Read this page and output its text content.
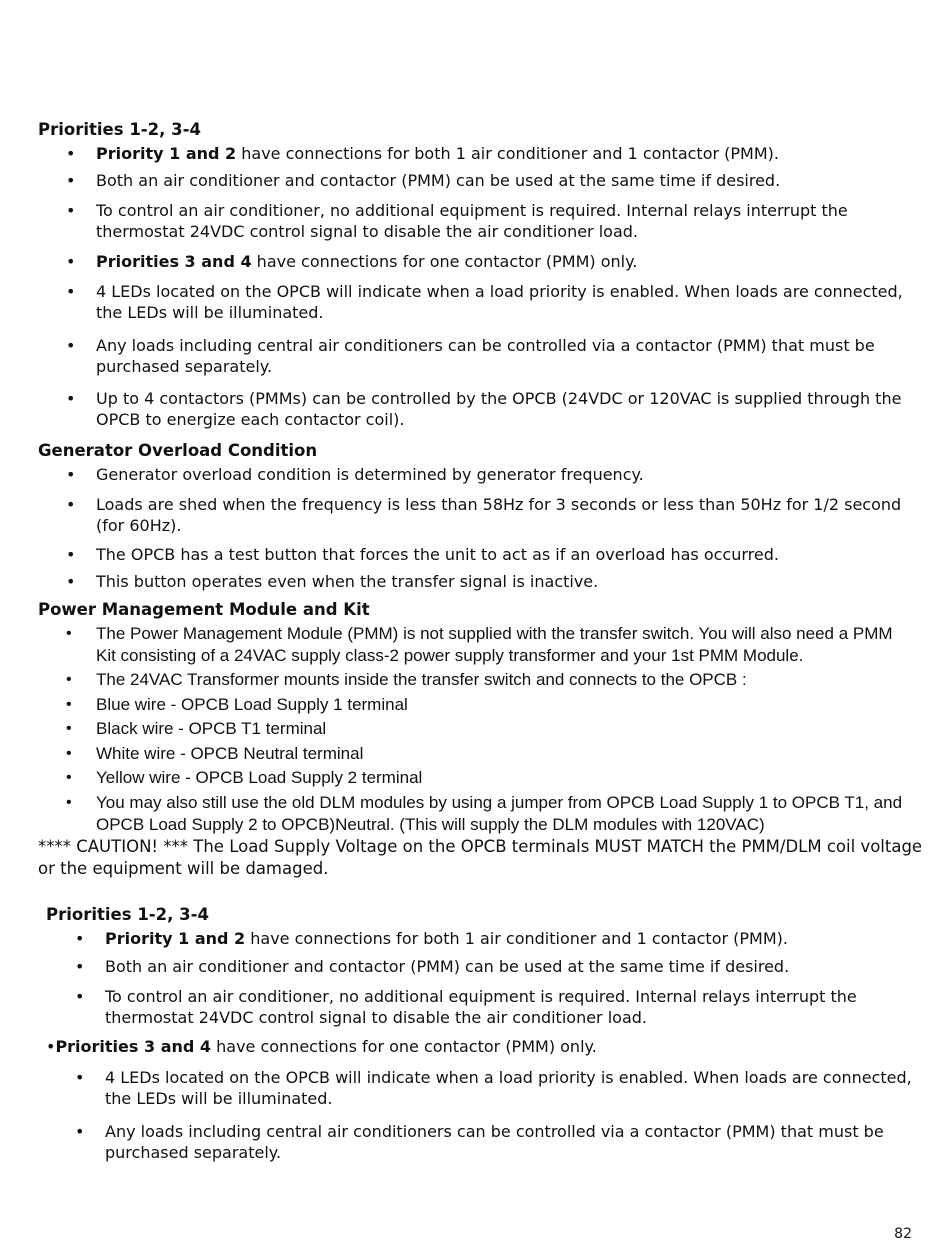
Priorities 1-2, 3-4
• Priority 1 and 2 have connections for both 1 air conditioner and 1 contactor (PMM).
• Both an air conditioner and contactor (PMM) can be used at the same time if desired.
• To control an air conditioner, no additional equipment is required. Internal relays interrupt the thermostat 24VDC control signal to disable the air conditioner load.
• Priorities 3 and 4 have connections for one contactor (PMM) only.
• 4 LEDs located on the OPCB will indicate when a load priority is enabled. When loads are connected, the LEDs will be illuminated.
• Any loads including central air conditioners can be controlled via a contactor (PMM) that must be purchased separately.
• Up to 4 contactors (PMMs) can be controlled by the OPCB (24VDC or 120VAC is supplied through the OPCB to energize each contactor coil).
Generator Overload Condition
• Generator overload condition is determined by generator frequency.
• Loads are shed when the frequency is less than 58Hz for 3 seconds or less than 50Hz for 1/2 second (for 60Hz).
• The OPCB has a test button that forces the unit to act as if an overload has occurred.
• This button operates even when the transfer signal is inactive.
Power Management Module and Kit
• The Power Management Module (PMM) is not supplied with the transfer switch. You will also need a PMM Kit consisting of a 24VAC supply class-2 power supply transformer and your 1st PMM Module.
• The 24VAC Transformer mounts inside the transfer switch and connects to the OPCB :
• Blue wire - OPCB Load Supply 1 terminal
• Black wire - OPCB T1 terminal
• White wire - OPCB Neutral terminal
• Yellow wire - OPCB Load Supply 2 terminal
• You may also still use the old DLM modules by using a jumper from OPCB Load Supply 1 to OPCB T1, and OPCB Load Supply 2 to OPCB)Neutral. (This will supply the DLM modules with 120VAC)

**** CAUTION! *** The Load Supply Voltage on the OPCB terminals MUST MATCH the PMM/DLM coil voltage or the equipment will be damaged.

Priorities 1-2, 3-4
• Priority 1 and 2 have connections for both 1 air conditioner and 1 contactor (PMM).
• Both an air conditioner and contactor (PMM) can be used at the same time if desired.
• To control an air conditioner, no additional equipment is required. Internal relays interrupt the thermostat 24VDC control signal to disable the air conditioner load.
•Priorities 3 and 4 have connections for one contactor (PMM) only.
• 4 LEDs located on the OPCB will indicate when a load priority is enabled. When loads are connected, the LEDs will be illuminated.
• Any loads including central air conditioners can be controlled via a contactor (PMM) that must be purchased separately.
82
